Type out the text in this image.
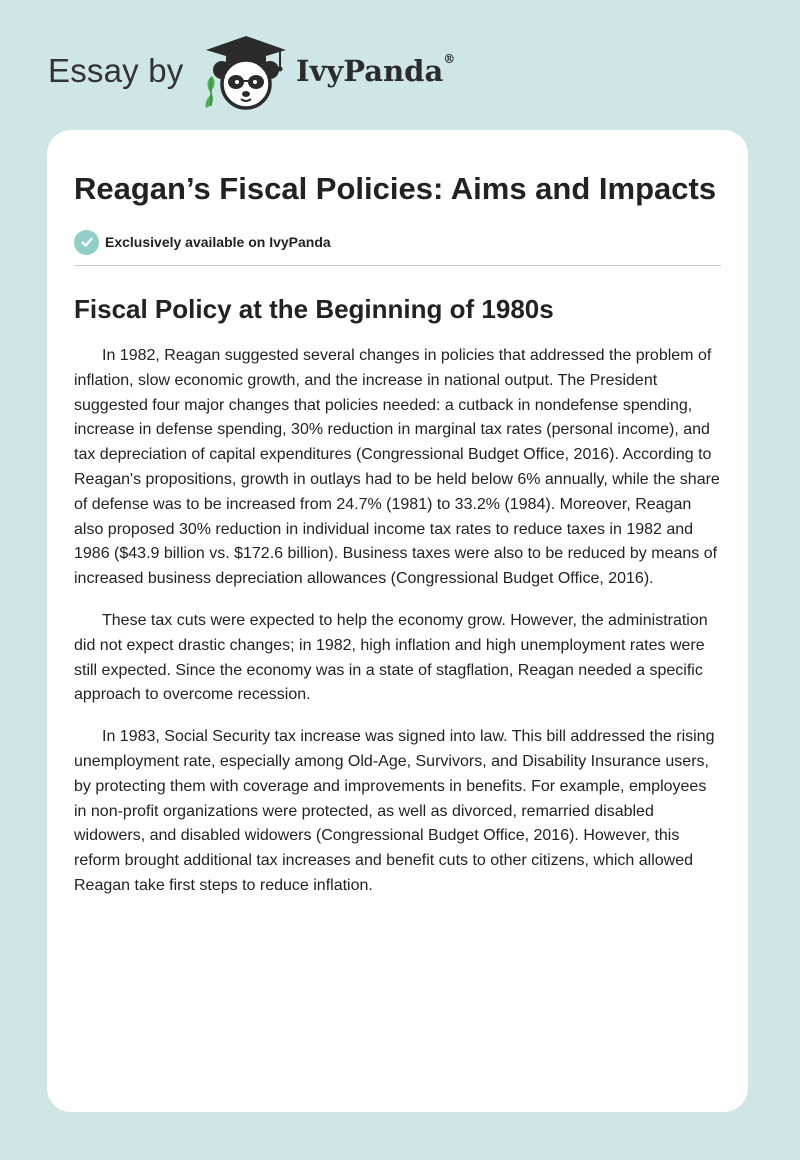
Essay by	IvyPanda®
Reagan’s Fiscal Policies: Aims and Impacts
Exclusively available on IvyPanda
Fiscal Policy at the Beginning of 1980s

In 1982, Reagan suggested several changes in policies that addressed the problem of inflation, slow economic growth, and the increase in national output. The President suggested four major changes that policies needed: a cutback in nondefense spending, increase in defense spending, 30% reduction in marginal tax rates (personal income), and tax depreciation of capital expenditures (Congressional Budget Office, 2016). According to Reagan's propositions, growth in outlays had to be held below 6% annually, while the share of defense was to be increased from 24.7% (1981) to 33.2% (1984). Moreover, Reagan also proposed 30% reduction in individual income tax rates to reduce taxes in 1982 and 1986 ($43.9 billion vs. $172.6 billion). Business taxes were also to be reduced by means of increased business depreciation allowances (Congressional Budget Office, 2016).

These tax cuts were expected to help the economy grow. However, the administration did not expect drastic changes; in 1982, high inflation and high unemployment rates were still expected. Since the economy was in a state of stagflation, Reagan needed a specific approach to overcome recession.

In 1983, Social Security tax increase was signed into law. This bill addressed the rising unemployment rate, especially among Old-Age, Survivors, and Disability Insurance users, by protecting them with coverage and improvements in benefits. For example, employees in non-profit organizations were protected, as well as divorced, remarried disabled widowers, and disabled widowers (Congressional Budget Office, 2016). However, this reform brought additional tax increases and benefit cuts to other citizens, which allowed Reagan take first steps to reduce inflation.
